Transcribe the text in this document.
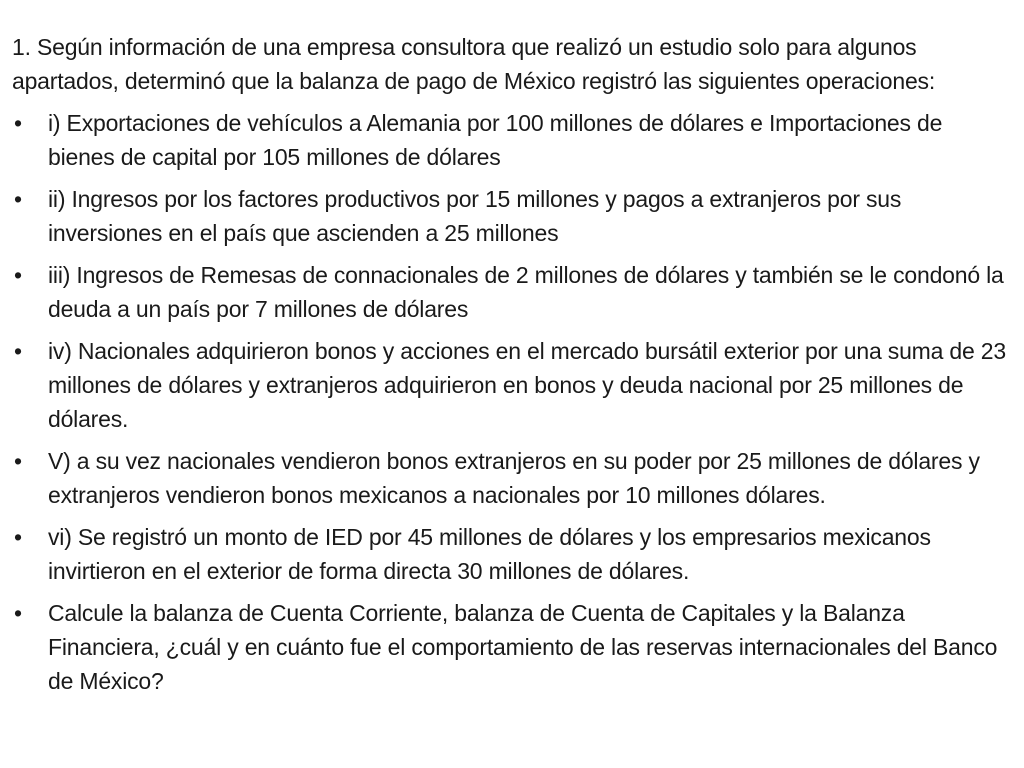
1. Según información de una empresa consultora que realizó un estudio solo para algunos apartados, determinó que la balanza de pago de México registró las siguientes operaciones:

•	i) Exportaciones de vehículos a Alemania por 100 millones de dólares e Importaciones de bienes de capital por 105 millones de dólares
•	ii) Ingresos por los factores productivos por 15 millones y pagos a extranjeros por sus inversiones en el país que ascienden a 25 millones
•	iii) Ingresos de Remesas de connacionales de 2 millones de dólares y también se le condonó la deuda a un país por 7 millones de dólares
•	iv) Nacionales adquirieron bonos y acciones en el mercado bursátil exterior por una suma de 23 millones de dólares y extranjeros adquirieron en bonos y deuda nacional por 25 millones de dólares.
•	V) a su vez nacionales vendieron bonos extranjeros en su poder por 25 millones de dólares y extranjeros vendieron bonos mexicanos a nacionales por 10 millones dólares.
•	vi) Se registró un monto de IED por 45 millones de dólares y los empresarios mexicanos invirtieron en el exterior de forma directa 30 millones de dólares.
•	Calcule la balanza de Cuenta Corriente, balanza de Cuenta de Capitales y la Balanza Financiera, ¿cuál y en cuánto fue el comportamiento de las reservas internacionales del Banco de México?
